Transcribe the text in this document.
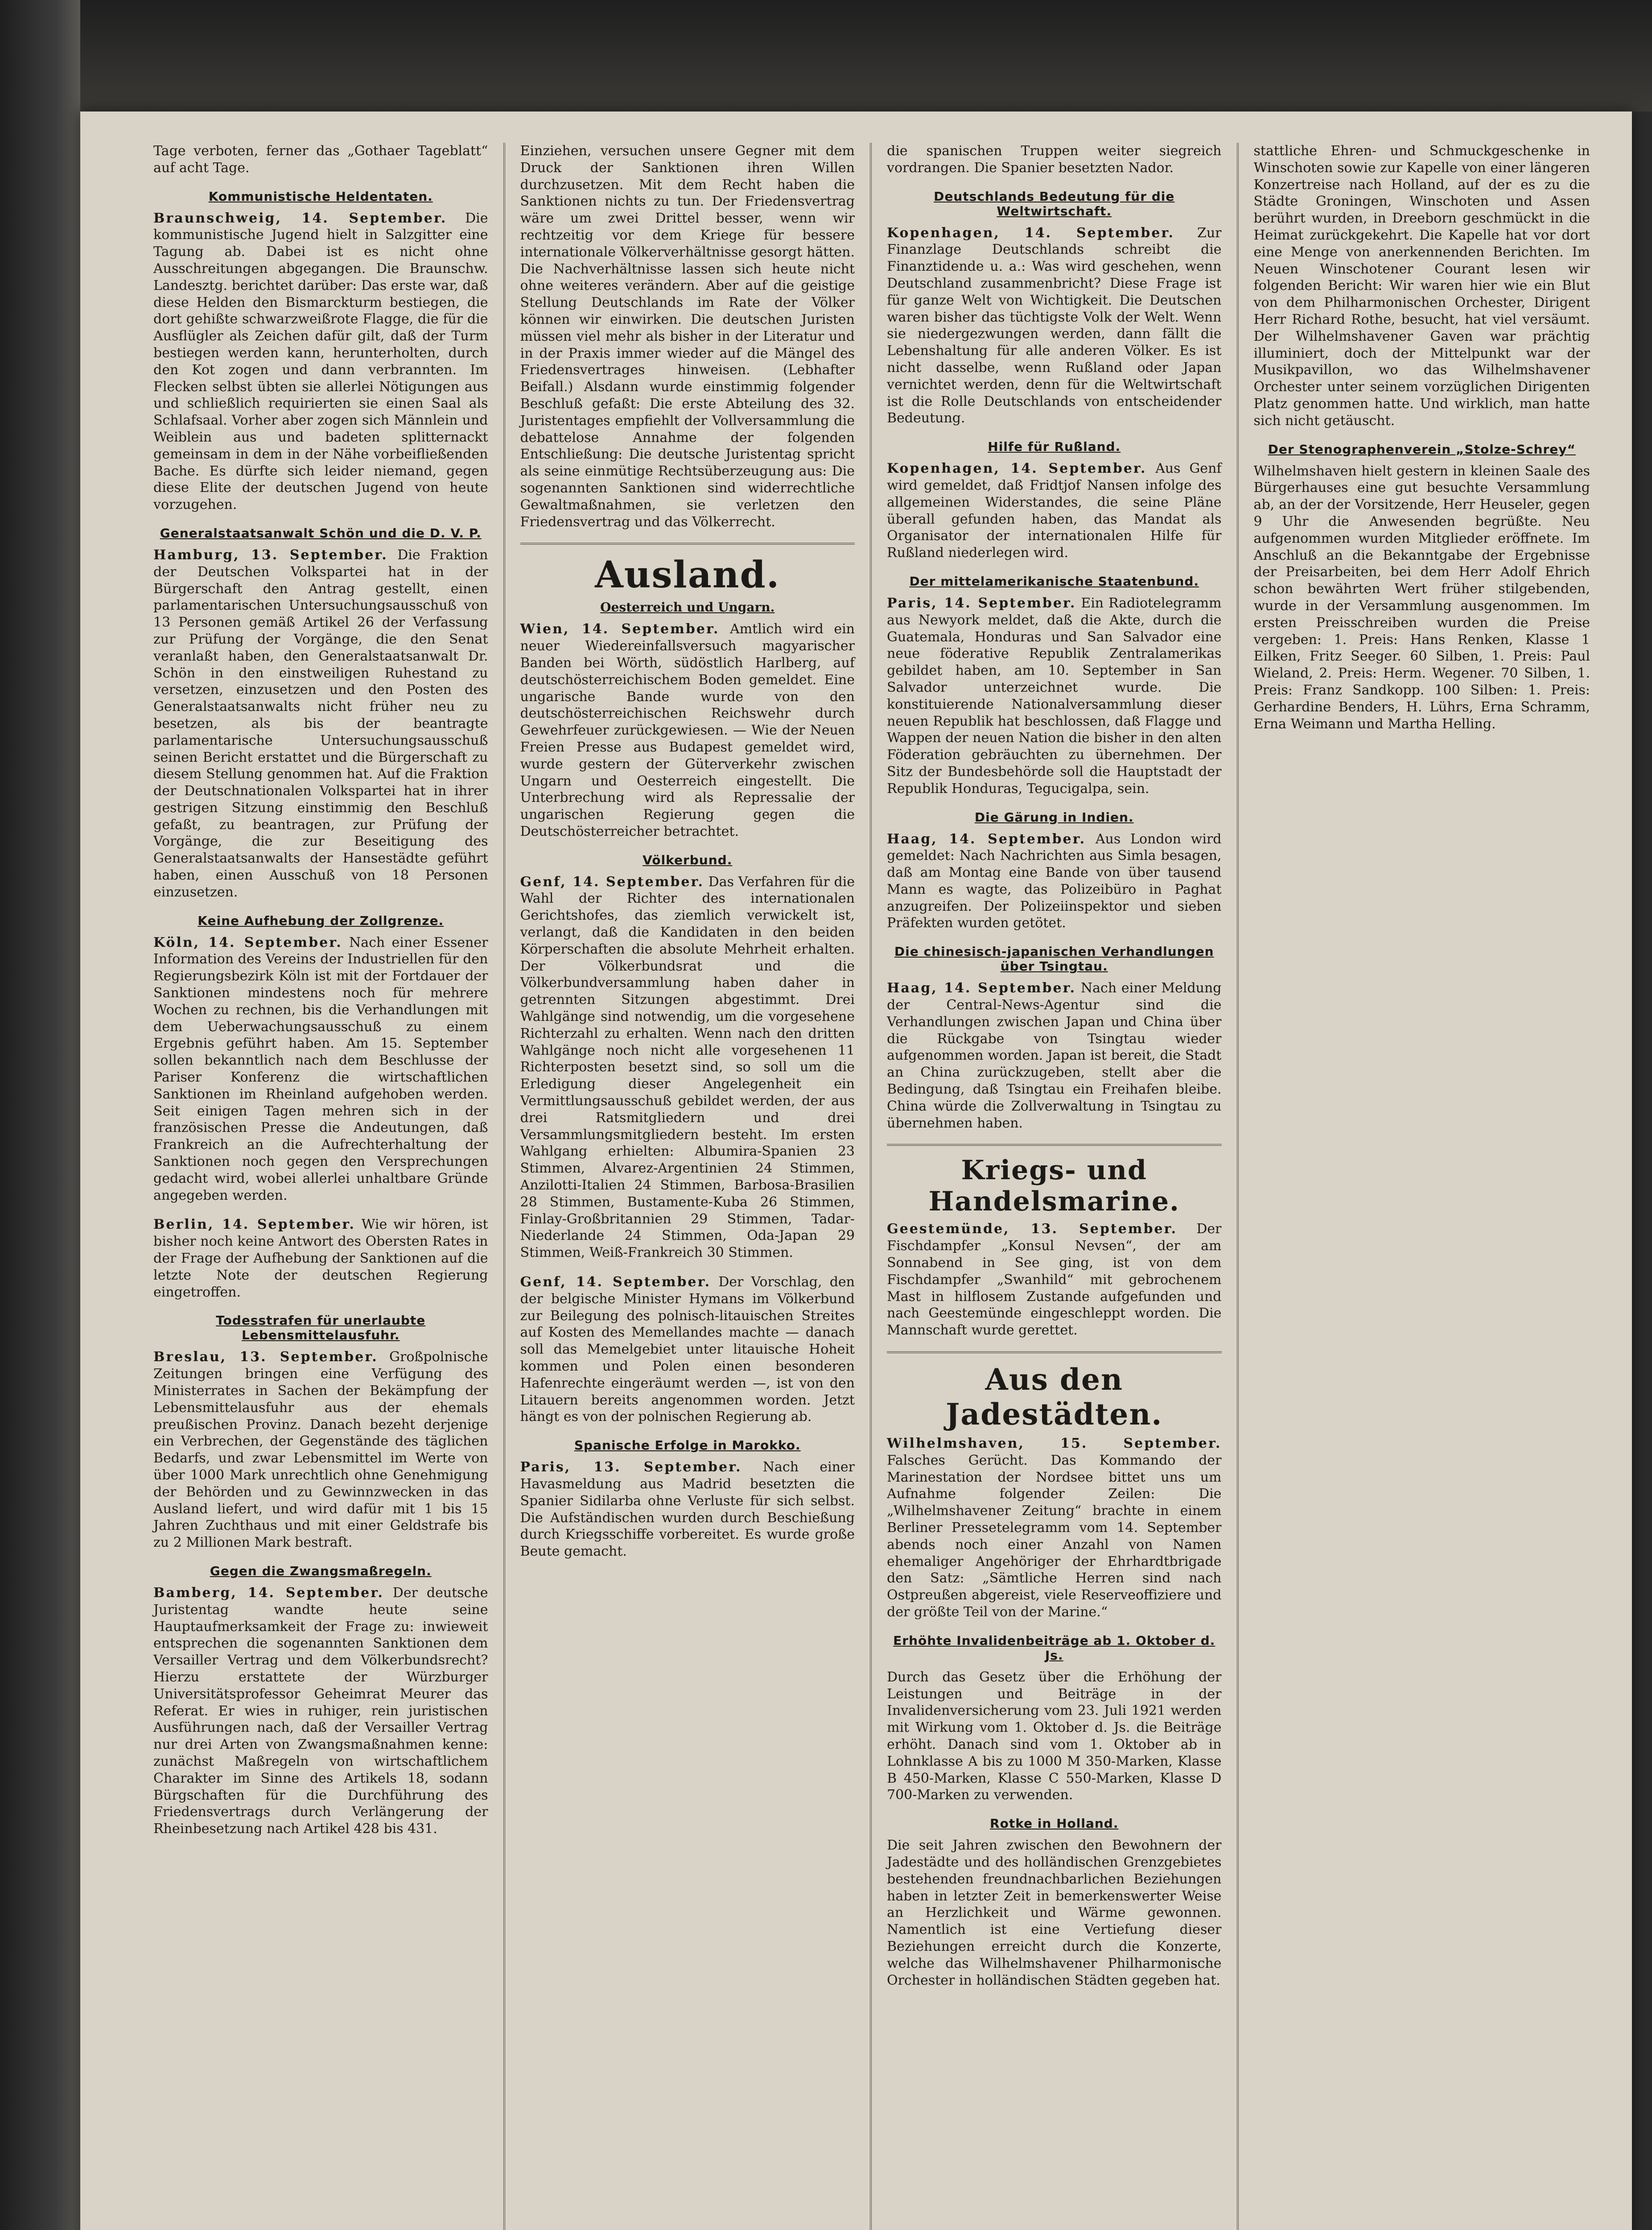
Tage verboten, ferner das „Gothaer Tageblatt“ auf acht Tage.

Kommunistische Heldentaten.

Braunschweig, 14. September. Die kommunistische Jugend hielt in Salzgitter eine Tagung ab. Dabei ist es nicht ohne Ausschreitungen abgegangen. Die Braunschw. Landesztg. berichtet darüber: Das erste war, daß diese Helden den Bismarckturm bestiegen, die dort gehißte schwarzweißrote Flagge, die für die Ausflügler als Zeichen dafür gilt, daß der Turm bestiegen werden kann, herunterholten, durch den Kot zogen und dann verbrannten. Im Flecken selbst übten sie allerlei Nötigungen aus und schließlich requirierten sie einen Saal als Schlafsaal. Vorher aber zogen sich Männlein und Weiblein aus und badeten splitternackt gemeinsam in dem in der Nähe vorbeifließenden Bache. Es dürfte sich leider niemand, gegen diese Elite der deutschen Jugend von heute vorzugehen.

Generalstaatsanwalt Schön und die D. V. P.

Hamburg, 13. September. Die Fraktion der Deutschen Volkspartei hat in der Bürgerschaft den Antrag gestellt, einen parlamentarischen Untersuchungsausschuß von 13 Personen gemäß Artikel 26 der Verfassung zur Prüfung der Vorgänge, die den Senat veranlaßt haben, den Generalstaatsanwalt Dr. Schön in den einstweiligen Ruhestand zu versetzen, einzusetzen und den Posten des Generalstaatsanwalts nicht früher neu zu besetzen, als bis der beantragte parlamentarische Untersuchungsausschuß seinen Bericht erstattet und die Bürgerschaft zu diesem Stellung genommen hat. Auf die Fraktion der Deutschnationalen Volkspartei hat in ihrer gestrigen Sitzung einstimmig den Beschluß gefaßt, zu beantragen, zur Prüfung der Vorgänge, die zur Beseitigung des Generalstaatsanwalts der Hansestädte geführt haben, einen Ausschuß von 18 Personen einzusetzen.

Keine Aufhebung der Zollgrenze.

Köln, 14. September. Nach einer Essener Information des Vereins der Industriellen für den Regierungsbezirk Köln ist mit der Fortdauer der Sanktionen mindestens noch für mehrere Wochen zu rechnen, bis die Verhandlungen mit dem Ueberwachungsausschuß zu einem Ergebnis geführt haben. Am 15. September sollen bekanntlich nach dem Beschlusse der Pariser Konferenz die wirtschaftlichen Sanktionen im Rheinland aufgehoben werden. Seit einigen Tagen mehren sich in der französischen Presse die Andeutungen, daß Frankreich an die Aufrechterhaltung der Sanktionen noch gegen den Versprechungen gedacht wird, wobei allerlei unhaltbare Gründe angegeben werden.

Berlin, 14. September. Wie wir hören, ist bisher noch keine Antwort des Obersten Rates in der Frage der Aufhebung der Sanktionen auf die letzte Note der deutschen Regierung eingetroffen.

Todesstrafen für unerlaubte Lebensmittelausfuhr.

Breslau, 13. September. Großpolnische Zeitungen bringen eine Verfügung des Ministerrates in Sachen der Bekämpfung der Lebensmittelausfuhr aus der ehemals preußischen Provinz. Danach bezeht derjenige ein Verbrechen, der Gegenstände des täglichen Bedarfs, und zwar Lebensmittel im Werte von über 1000 Mark unrechtlich ohne Genehmigung der Behörden und zu Gewinnzwecken in das Ausland liefert, und wird dafür mit 1 bis 15 Jahren Zuchthaus und mit einer Geldstrafe bis zu 2 Millionen Mark bestraft.

Gegen die Zwangsmaßregeln.

Bamberg, 14. September. Der deutsche Juristentag wandte heute seine Hauptaufmerksamkeit der Frage zu: inwieweit entsprechen die sogenannten Sanktionen dem Versailler Vertrag und dem Völkerbundsrecht? Hierzu erstattete der Würzburger Universitätsprofessor Geheimrat Meurer das Referat. Er wies in ruhiger, rein juristischen Ausführungen nach, daß der Versailler Vertrag nur drei Arten von Zwangsmaßnahmen kenne: zunächst Maßregeln von wirtschaftlichem Charakter im Sinne des Artikels 18, sodann Bürgschaften für die Durchführung des Friedensvertrags durch Verlängerung der Rheinbesetzung nach Artikel 428 bis 431.

Einziehen, versuchen unsere Gegner mit dem Druck der Sanktionen ihren Willen durchzusetzen. Mit dem Recht haben die Sanktionen nichts zu tun. Der Friedensvertrag wäre um zwei Drittel besser, wenn wir rechtzeitig vor dem Kriege für bessere internationale Völkerverhältnisse gesorgt hätten. Die Nachverhältnisse lassen sich heute nicht ohne weiteres verändern. Aber auf die geistige Stellung Deutschlands im Rate der Völker können wir einwirken. Die deutschen Juristen müssen viel mehr als bisher in der Literatur und in der Praxis immer wieder auf die Mängel des Friedensvertrages hinweisen. (Lebhafter Beifall.) Alsdann wurde einstimmig folgender Beschluß gefaßt: Die erste Abteilung des 32. Juristentages empfiehlt der Vollversammlung die debattelose Annahme der folgenden Entschließung: Die deutsche Juristentag spricht als seine einmütige Rechtsüberzeugung aus: Die sogenannten Sanktionen sind widerrechtliche Gewaltmaßnahmen, sie verletzen den Friedensvertrag und das Völkerrecht.

Ausland.
Oesterreich und Ungarn.

Wien, 14. September. Amtlich wird ein neuer Wiedereinfallsversuch magyarischer Banden bei Wörth, südöstlich Harlberg, auf deutschösterreichischem Boden gemeldet. Eine ungarische Bande wurde von den deutschösterreichischen Reichswehr durch Gewehrfeuer zurückgewiesen. — Wie der Neuen Freien Presse aus Budapest gemeldet wird, wurde gestern der Güterverkehr zwischen Ungarn und Oesterreich eingestellt. Die Unterbrechung wird als Repressalie der ungarischen Regierung gegen die Deutschösterreicher betrachtet.

Völkerbund.

Genf, 14. September. Das Verfahren für die Wahl der Richter des internationalen Gerichtshofes, das ziemlich verwickelt ist, verlangt, daß die Kandidaten in den beiden Körperschaften die absolute Mehrheit erhalten. Der Völkerbundsrat und die Völkerbundversammlung haben daher in getrennten Sitzungen abgestimmt. Drei Wahlgänge sind notwendig, um die vorgesehene Richterzahl zu erhalten. Wenn nach den dritten Wahlgänge noch nicht alle vorgesehenen 11 Richterposten besetzt sind, so soll um die Erledigung dieser Angelegenheit ein Vermittlungsausschuß gebildet werden, der aus drei Ratsmitgliedern und drei Versammlungsmitgliedern besteht. Im ersten Wahlgang erhielten: Albumira-Spanien 23 Stimmen, Alvarez-Argentinien 24 Stimmen, Anzilotti-Italien 24 Stimmen, Barbosa-Brasilien 28 Stimmen, Bustamente-Kuba 26 Stimmen, Finlay-Großbritannien 29 Stimmen, Tadar-Niederlande 24 Stimmen, Oda-Japan 29 Stimmen, Weiß-Frankreich 30 Stimmen.

Genf, 14. September. Der Vorschlag, den der belgische Minister Hymans im Völkerbund zur Beilegung des polnisch-litauischen Streites auf Kosten des Memellandes machte — danach soll das Memelgebiet unter litauische Hoheit kommen und Polen einen besonderen Hafenrechte eingeräumt werden —, ist von den Litauern bereits angenommen worden. Jetzt hängt es von der polnischen Regierung ab.

Spanische Erfolge in Marokko.

Paris, 13. September. Nach einer Havasmeldung aus Madrid besetzten die Spanier Sidilarba ohne Verluste für sich selbst. Die Aufständischen wurden durch Beschießung durch Kriegsschiffe vorbereitet. Es wurde große Beute gemacht.

die spanischen Truppen weiter siegreich vordrangen. Die Spanier besetzten Nador.

Deutschlands Bedeutung für die Weltwirtschaft.

Kopenhagen, 14. September. Zur Finanzlage Deutschlands schreibt die Finanztidende u. a.: Was wird geschehen, wenn Deutschland zusammenbricht? Diese Frage ist für ganze Welt von Wichtigkeit. Die Deutschen waren bisher das tüchtigste Volk der Welt. Wenn sie niedergezwungen werden, dann fällt die Lebenshaltung für alle anderen Völker. Es ist nicht dasselbe, wenn Rußland oder Japan vernichtet werden, denn für die Weltwirtschaft ist die Rolle Deutschlands von entscheidender Bedeutung.

Hilfe für Rußland.

Kopenhagen, 14. September. Aus Genf wird gemeldet, daß Fridtjof Nansen infolge des allgemeinen Widerstandes, die seine Pläne überall gefunden haben, das Mandat als Organisator der internationalen Hilfe für Rußland niederlegen wird.

Der mittelamerikanische Staatenbund.

Paris, 14. September. Ein Radiotelegramm aus Newyork meldet, daß die Akte, durch die Guatemala, Honduras und San Salvador eine neue föderative Republik Zentralamerikas gebildet haben, am 10. September in San Salvador unterzeichnet wurde. Die konstituierende Nationalversammlung dieser neuen Republik hat beschlossen, daß Flagge und Wappen der neuen Nation die bisher in den alten Föderation gebräuchten zu übernehmen. Der Sitz der Bundesbehörde soll die Hauptstadt der Republik Honduras, Tegucigalpa, sein.

Die Gärung in Indien.

Haag, 14. September. Aus London wird gemeldet: Nach Nachrichten aus Simla besagen, daß am Montag eine Bande von über tausend Mann es wagte, das Polizeibüro in Paghat anzugreifen. Der Polizeiinspektor und sieben Präfekten wurden getötet.

Die chinesisch-japanischen Verhandlungen über Tsingtau.

Haag, 14. September. Nach einer Meldung der Central-News-Agentur sind die Verhandlungen zwischen Japan und China über die Rückgabe von Tsingtau wieder aufgenommen worden. Japan ist bereit, die Stadt an China zurückzugeben, stellt aber die Bedingung, daß Tsingtau ein Freihafen bleibe. China würde die Zollverwaltung in Tsingtau zu übernehmen haben.

Kriegs- und Handelsmarine.

Geestemünde, 13. September. Der Fischdampfer „Konsul Nevsen“, der am Sonnabend in See ging, ist von dem Fischdampfer „Swanhild“ mit gebrochenem Mast in hilflosem Zustande aufgefunden und nach Geestemünde eingeschleppt worden. Die Mannschaft wurde gerettet.

Aus den Jadestädten.

Wilhelmshaven, 15. September. Falsches Gerücht. Das Kommando der Marinestation der Nordsee bittet uns um Aufnahme folgender Zeilen: Die „Wilhelmshavener Zeitung“ brachte in einem Berliner Pressetelegramm vom 14. September abends noch einer Anzahl von Namen ehemaliger Angehöriger der Ehrhardtbrigade den Satz: „Sämtliche Herren sind nach Ostpreußen abgereist, viele Reserveoffiziere und der größte Teil von der Marine.“

Erhöhte Invalidenbeiträge ab 1. Oktober d. Js.

Durch das Gesetz über die Erhöhung der Leistungen und Beiträge in der Invalidenversicherung vom 23. Juli 1921 werden mit Wirkung vom 1. Oktober d. Js. die Beiträge erhöht. Danach sind vom 1. Oktober ab in Lohnklasse A bis zu 1000 M 350-Marken, Klasse B 450-Marken, Klasse C 550-Marken, Klasse D 700-Marken zu verwenden.

Rotke in Holland.

Die seit Jahren zwischen den Bewohnern der Jadestädte und des holländischen Grenzgebietes bestehenden freundnachbarlichen Beziehungen haben in letzter Zeit in bemerkenswerter Weise an Herzlichkeit und Wärme gewonnen. Namentlich ist eine Vertiefung dieser Beziehungen erreicht durch die Konzerte, welche das Wilhelmshavener Philharmonische Orchester in holländischen Städten gegeben hat.

stattliche Ehren- und Schmuckgeschenke in Winschoten sowie zur Kapelle von einer längeren Konzertreise nach Holland, auf der es zu die Städte Groningen, Winschoten und Assen berührt wurden, in Dreeborn geschmückt in die Heimat zurückgekehrt. Die Kapelle hat vor dort eine Menge von anerkennenden Berichten. Im Neuen Winschotener Courant lesen wir folgenden Bericht: Wir waren hier wie ein Blut von dem Philharmonischen Orchester, Dirigent Herr Richard Rothe, besucht, hat viel versäumt. Der Wilhelmshavener Gaven war prächtig illuminiert, doch der Mittelpunkt war der Musikpavillon, wo das Wilhelmshavener Orchester unter seinem vorzüglichen Dirigenten Platz genommen hatte. Und wirklich, man hatte sich nicht getäuscht.

Der Stenographenverein „Stolze-Schrey“

Wilhelmshaven hielt gestern in kleinen Saale des Bürgerhauses eine gut besuchte Versammlung ab, an der der Vorsitzende, Herr Heuseler, gegen 9 Uhr die Anwesenden begrüßte. Neu aufgenommen wurden Mitglieder eröffnete. Im Anschluß an die Bekanntgabe der Ergebnisse der Preisarbeiten, bei dem Herr Adolf Ehrich schon bewährten Wert früher stilgebenden, wurde in der Versammlung ausgenommen. Im ersten Preisschreiben wurden die Preise vergeben: 1. Preis: Hans Renken, Klasse 1 Eilken, Fritz Seeger. 60 Silben, 1. Preis: Paul Wieland, 2. Preis: Herm. Wegener. 70 Silben, 1. Preis: Franz Sandkopp. 100 Silben: 1. Preis: Gerhardine Benders, H. Lührs, Erna Schramm, Erna Weimann und Martha Helling.
